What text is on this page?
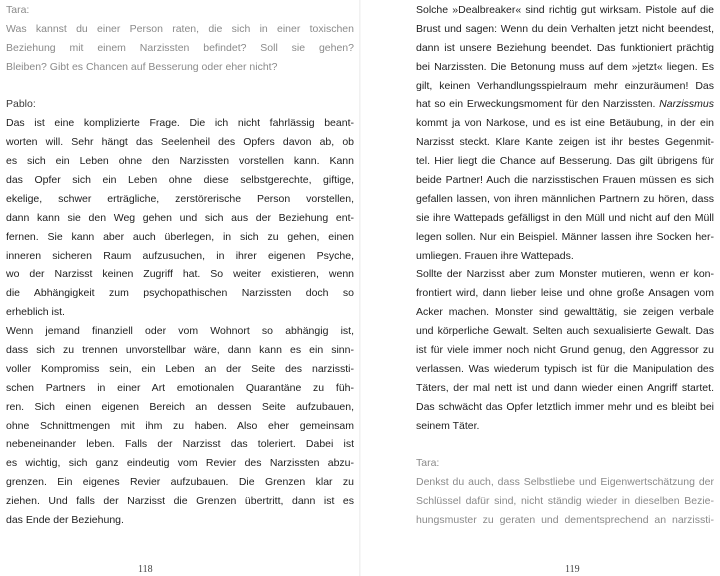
Tara:
Was kannst du einer Person raten, die sich in einer toxischen
Beziehung mit einem Narzissten befindet? Soll sie gehen?
Bleiben? Gibt es Chancen auf Besserung oder eher nicht?
Pablo:
Das ist eine komplizierte Frage. Die ich nicht fahrlässig beant-
worten will. Sehr hängt das Seelenheil des Opfers davon ab, ob
es sich ein Leben ohne den Narzissten vorstellen kann. Kann
das Opfer sich ein Leben ohne diese selbstgerechte, giftige,
ekelige, schwer erträgliche, zerstörerische Person vorstellen,
dann kann sie den Weg gehen und sich aus der Beziehung ent-
fernen. Sie kann aber auch überlegen, in sich zu gehen, einen
inneren sicheren Raum aufzusuchen, in ihrer eigenen Psyche,
wo der Narzisst keinen Zugriff hat. So weiter existieren, wenn
die Abhängigkeit zum psychopathischen Narzissten doch so
erheblich ist.
Wenn jemand finanziell oder vom Wohnort so abhängig ist,
dass sich zu trennen unvorstellbar wäre, dann kann es ein sinn-
voller Kompromiss sein, ein Leben an der Seite des narzissti-
schen Partners in einer Art emotionalen Quarantäne zu füh-
ren. Sich einen eigenen Bereich an dessen Seite aufzubauen,
ohne Schnittmengen mit ihm zu haben. Also eher gemeinsam
nebeneinander leben. Falls der Narzisst das toleriert. Dabei ist
es wichtig, sich ganz eindeutig vom Revier des Narzissten abzu-
grenzen. Ein eigenes Revier aufzubauen. Die Grenzen klar zu
ziehen. Und falls der Narzisst die Grenzen übertritt, dann ist es
das Ende der Beziehung.
Solche »Dealbreaker« sind richtig gut wirksam. Pistole auf die
Brust und sagen: Wenn du dein Verhalten jetzt nicht beendest,
dann ist unsere Beziehung beendet. Das funktioniert prächtig
bei Narzissten. Die Betonung muss auf dem »jetzt« liegen. Es
gilt, keinen Verhandlungsspielraum mehr einzuräumen! Das
hat so ein Erweckungsmoment für den Narzissten. Narzissmus
kommt ja von Narkose, und es ist eine Betäubung, in der ein
Narzisst steckt. Klare Kante zeigen ist ihr bestes Gegenmit-
tel. Hier liegt die Chance auf Besserung. Das gilt übrigens für
beide Partner! Auch die narzisstischen Frauen müssen es sich
gefallen lassen, von ihren männlichen Partnern zu hören, dass
sie ihre Wattepads gefälligst in den Müll und nicht auf den Müll
legen sollen. Nur ein Beispiel. Männer lassen ihre Socken her-
umliegen. Frauen ihre Wattepads.
Sollte der Narzisst aber zum Monster mutieren, wenn er kon-
frontiert wird, dann lieber leise und ohne große Ansagen vom
Acker machen. Monster sind gewalttätig, sie zeigen verbale
und körperliche Gewalt. Selten auch sexualisierte Gewalt. Das
ist für viele immer noch nicht Grund genug, den Aggressor zu
verlassen. Was wiederum typisch ist für die Manipulation des
Täters, der mal nett ist und dann wieder einen Angriff startet.
Das schwächt das Opfer letztlich immer mehr und es bleibt bei
seinem Täter.
Tara:
Denkst du auch, dass Selbstliebe und Eigenwertschätzung der
Schlüssel dafür sind, nicht ständig wieder in dieselben Bezie-
hungsmuster zu geraten und dementsprechend an narzissti-
118	119
